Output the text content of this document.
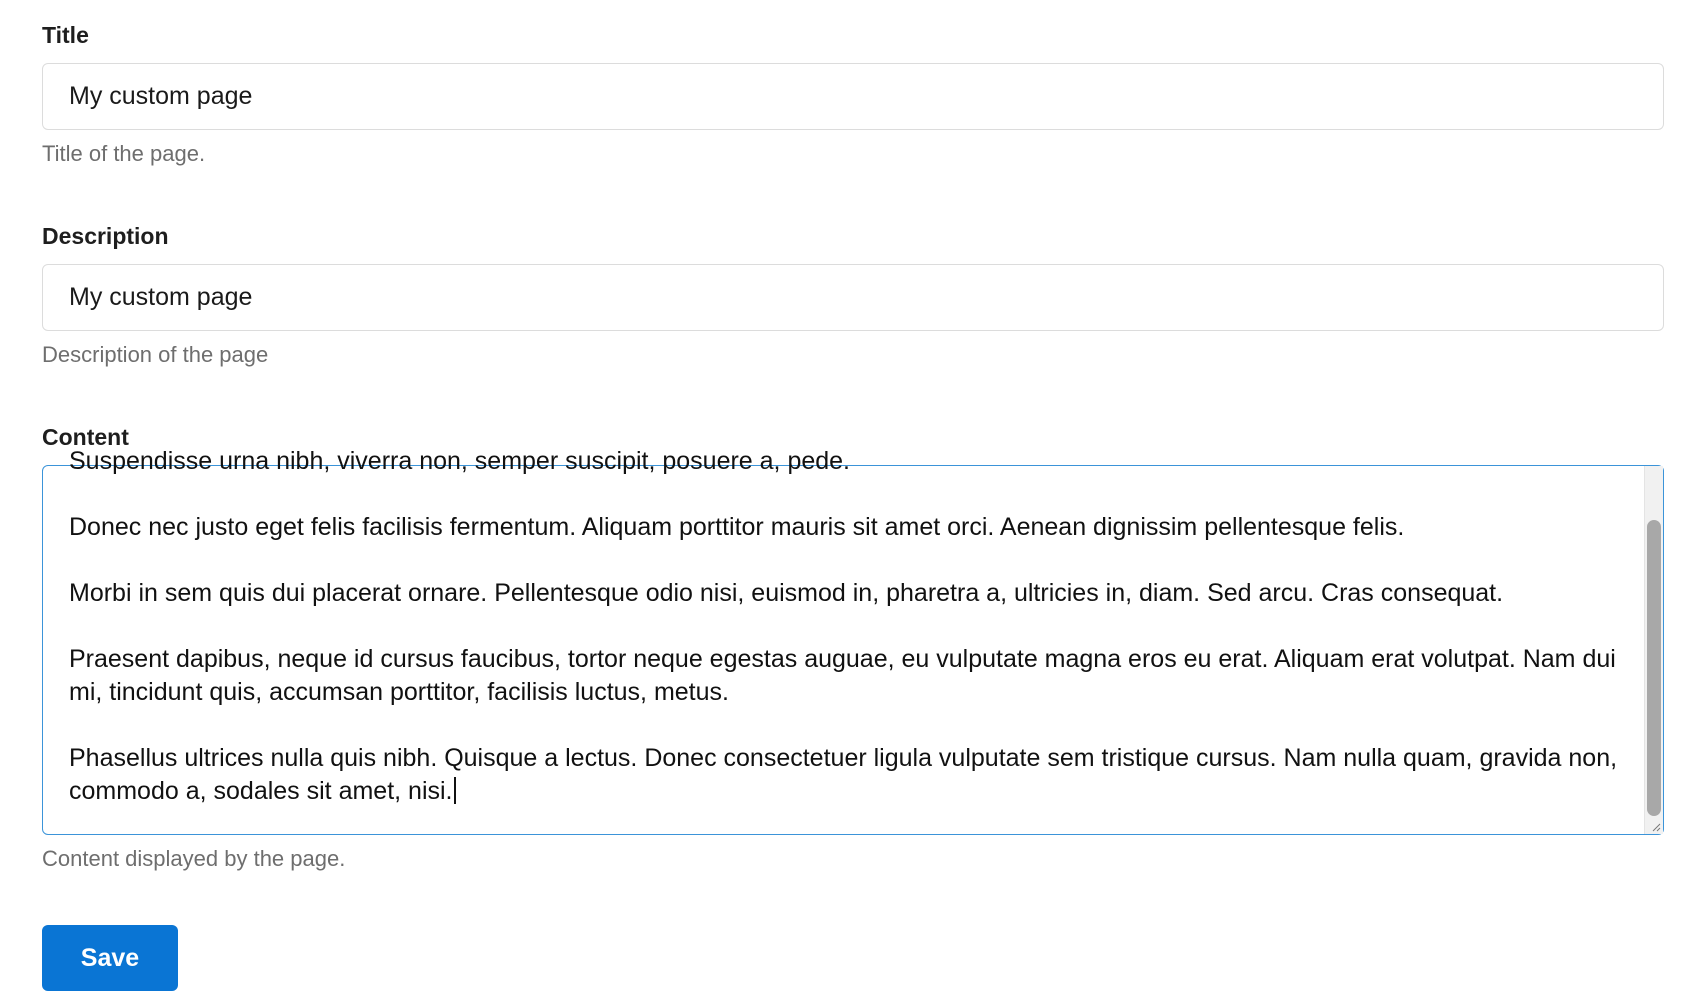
Title
My custom page
Title of the page.
Description
My custom page
Description of the page
Content

Suspendisse urna nibh, viverra non, semper suscipit, posuere a, pede.

Donec nec justo eget felis facilisis fermentum. Aliquam porttitor mauris sit amet orci. Aenean dignissim pellentesque felis.

Morbi in sem quis dui placerat ornare. Pellentesque odio nisi, euismod in, pharetra a, ultricies in, diam. Sed arcu. Cras consequat.

Praesent dapibus, neque id cursus faucibus, tortor neque egestas auguae, eu vulputate magna eros eu erat. Aliquam erat volutpat. Nam dui mi, tincidunt quis, accumsan porttitor, facilisis luctus, metus.

Phasellus ultrices nulla quis nibh. Quisque a lectus. Donec consectetuer ligula vulputate sem tristique cursus. Nam nulla quam, gravida non, commodo a, sodales sit amet, nisi.

Content displayed by the page.
Save
